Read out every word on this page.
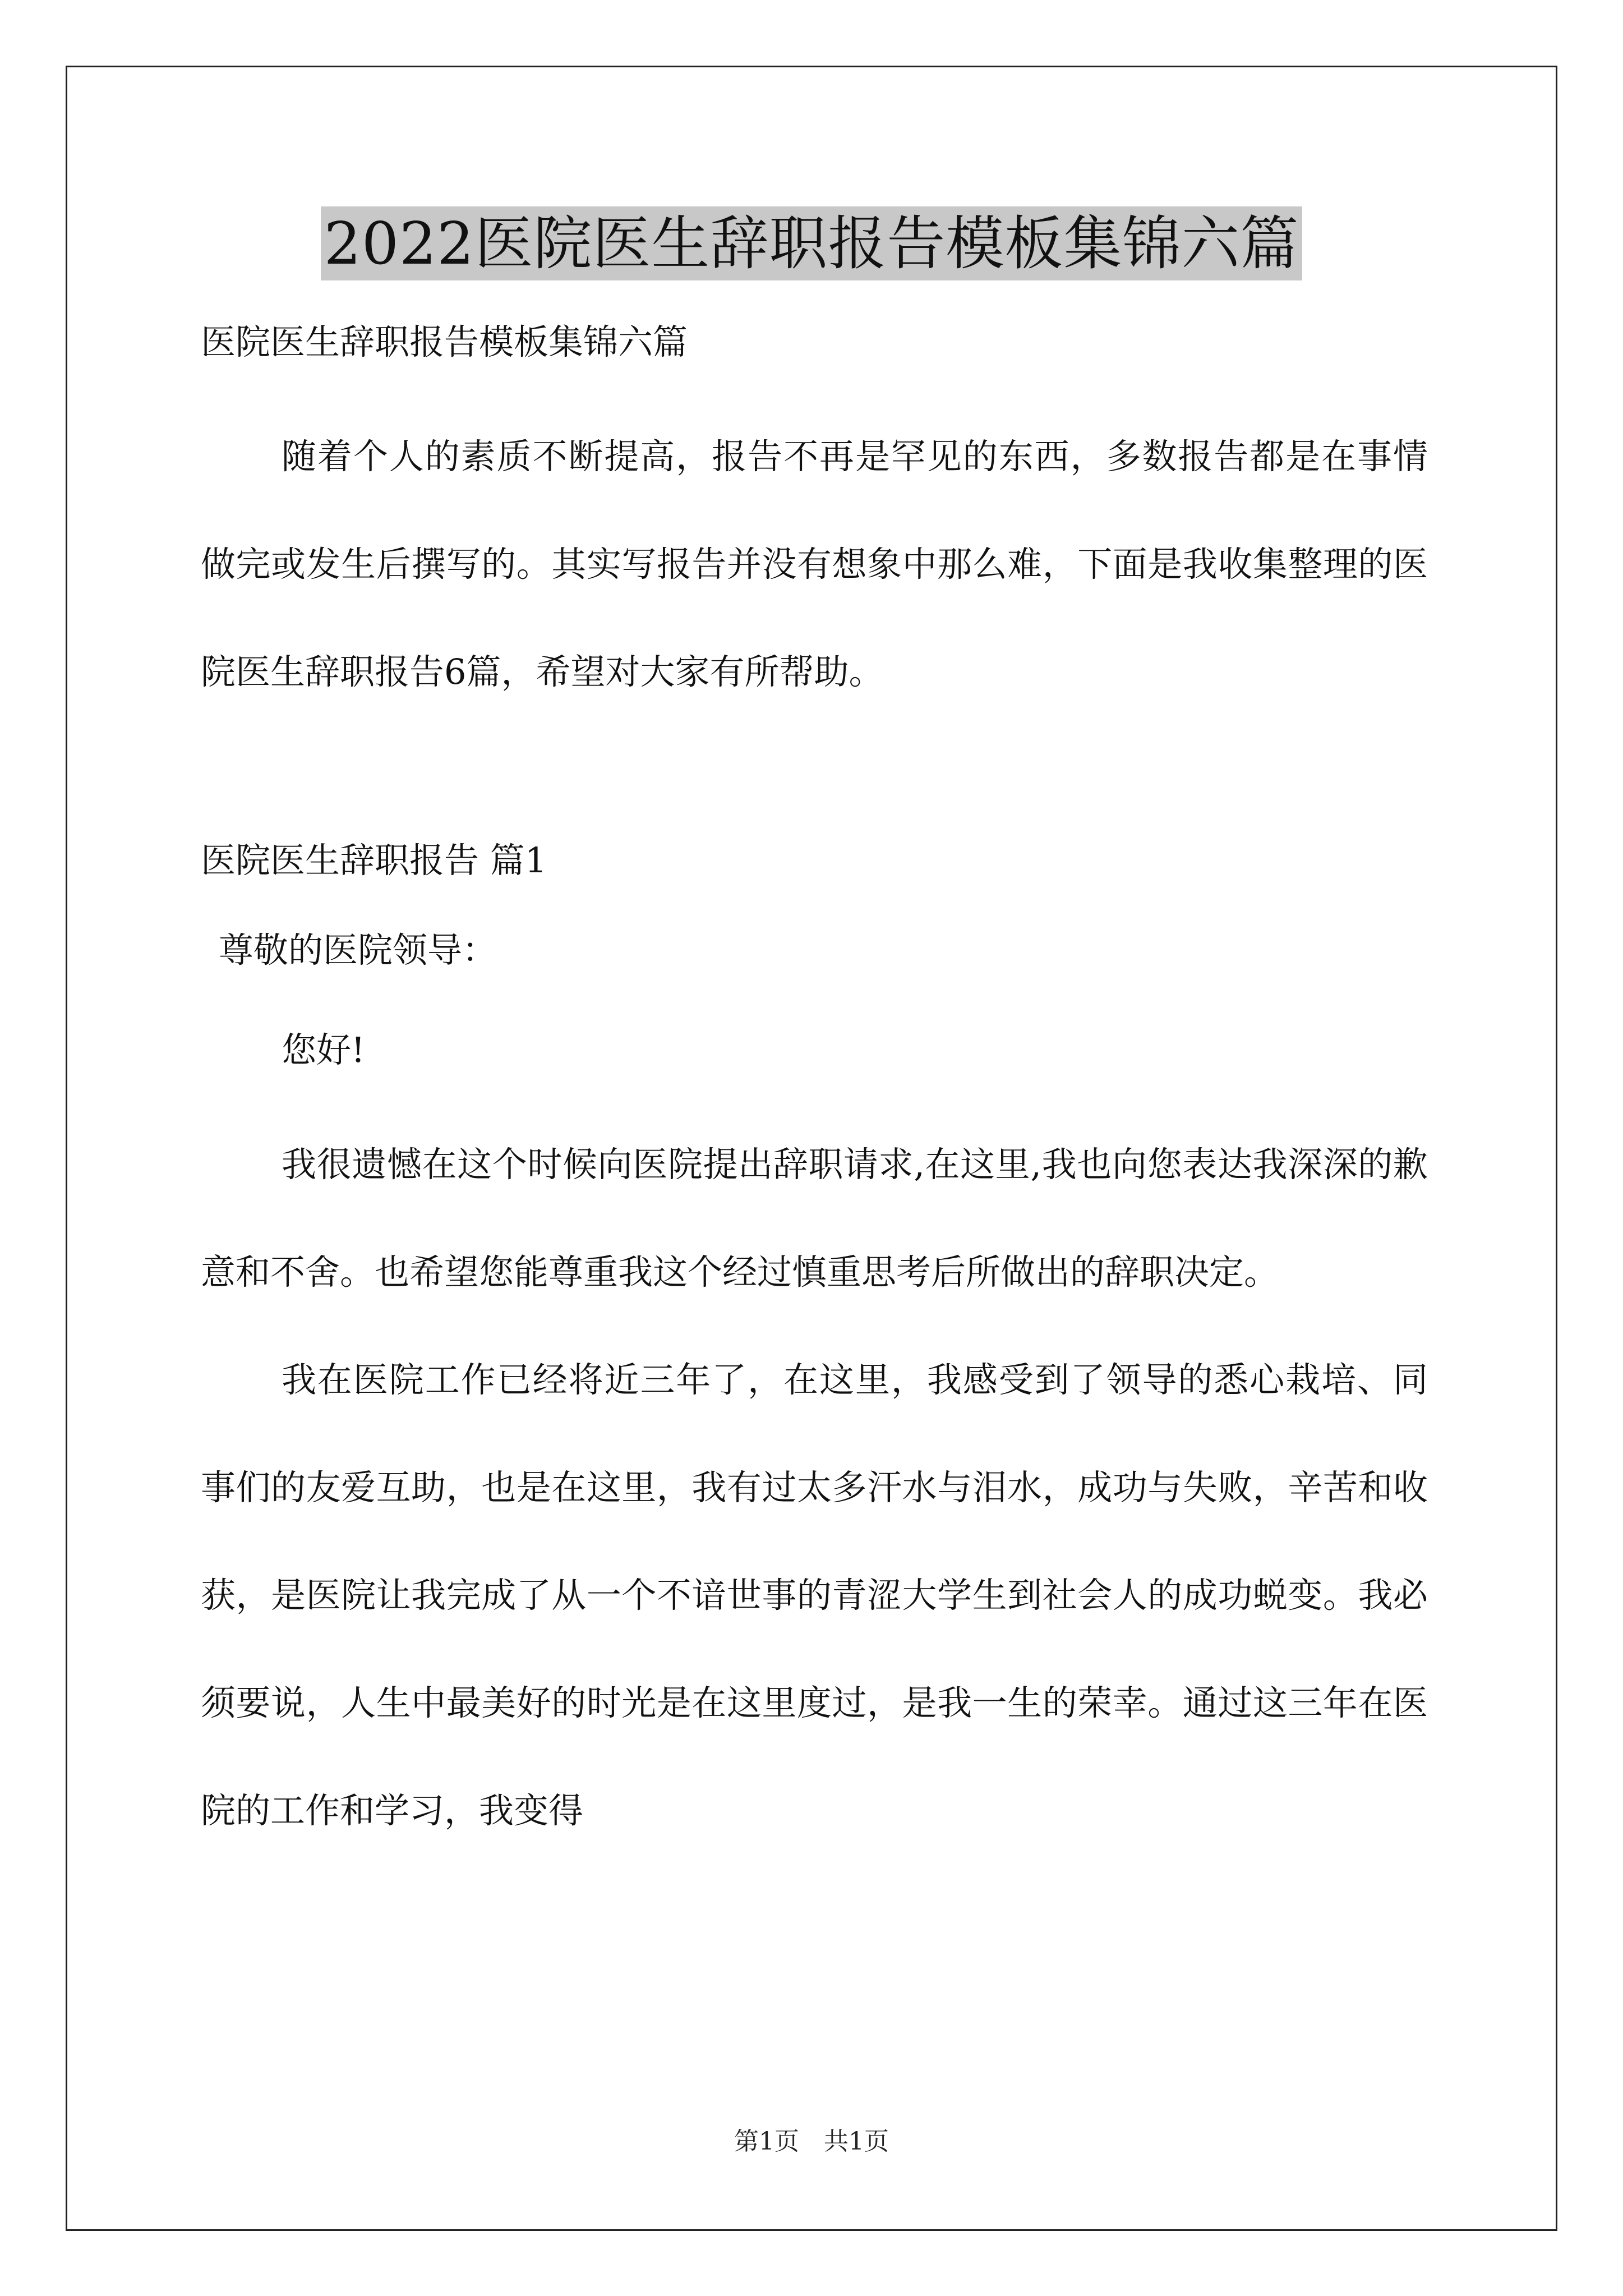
2022医院医生辞职报告模板集锦六篇

医院医生辞职报告模板集锦六篇

随着个人的素质不断提高，报告不再是罕见的东西，多数报告都是在事情做完或发生后撰写的。其实写报告并没有想象中那么难，下面是我收集整理的医院医生辞职报告6篇，希望对大家有所帮助。

医院医生辞职报告 篇1

尊敬的医院领导：

您好!

我很遗憾在这个时候向医院提出辞职请求,在这里,我也向您表达我深深的歉意和不舍。也希望您能尊重我这个经过慎重思考后所做出的辞职决定。

我在医院工作已经将近三年了，在这里，我感受到了领导的悉心栽培、同事们的友爱互助，也是在这里，我有过太多汗水与泪水，成功与失败，辛苦和收获，是医院让我完成了从一个不谙世事的青涩大学生到社会人的成功蜕变。我必须要说，人生中最美好的时光是在这里度过，是我一生的荣幸。通过这三年在医院的工作和学习，我变得

第1页　共1页
